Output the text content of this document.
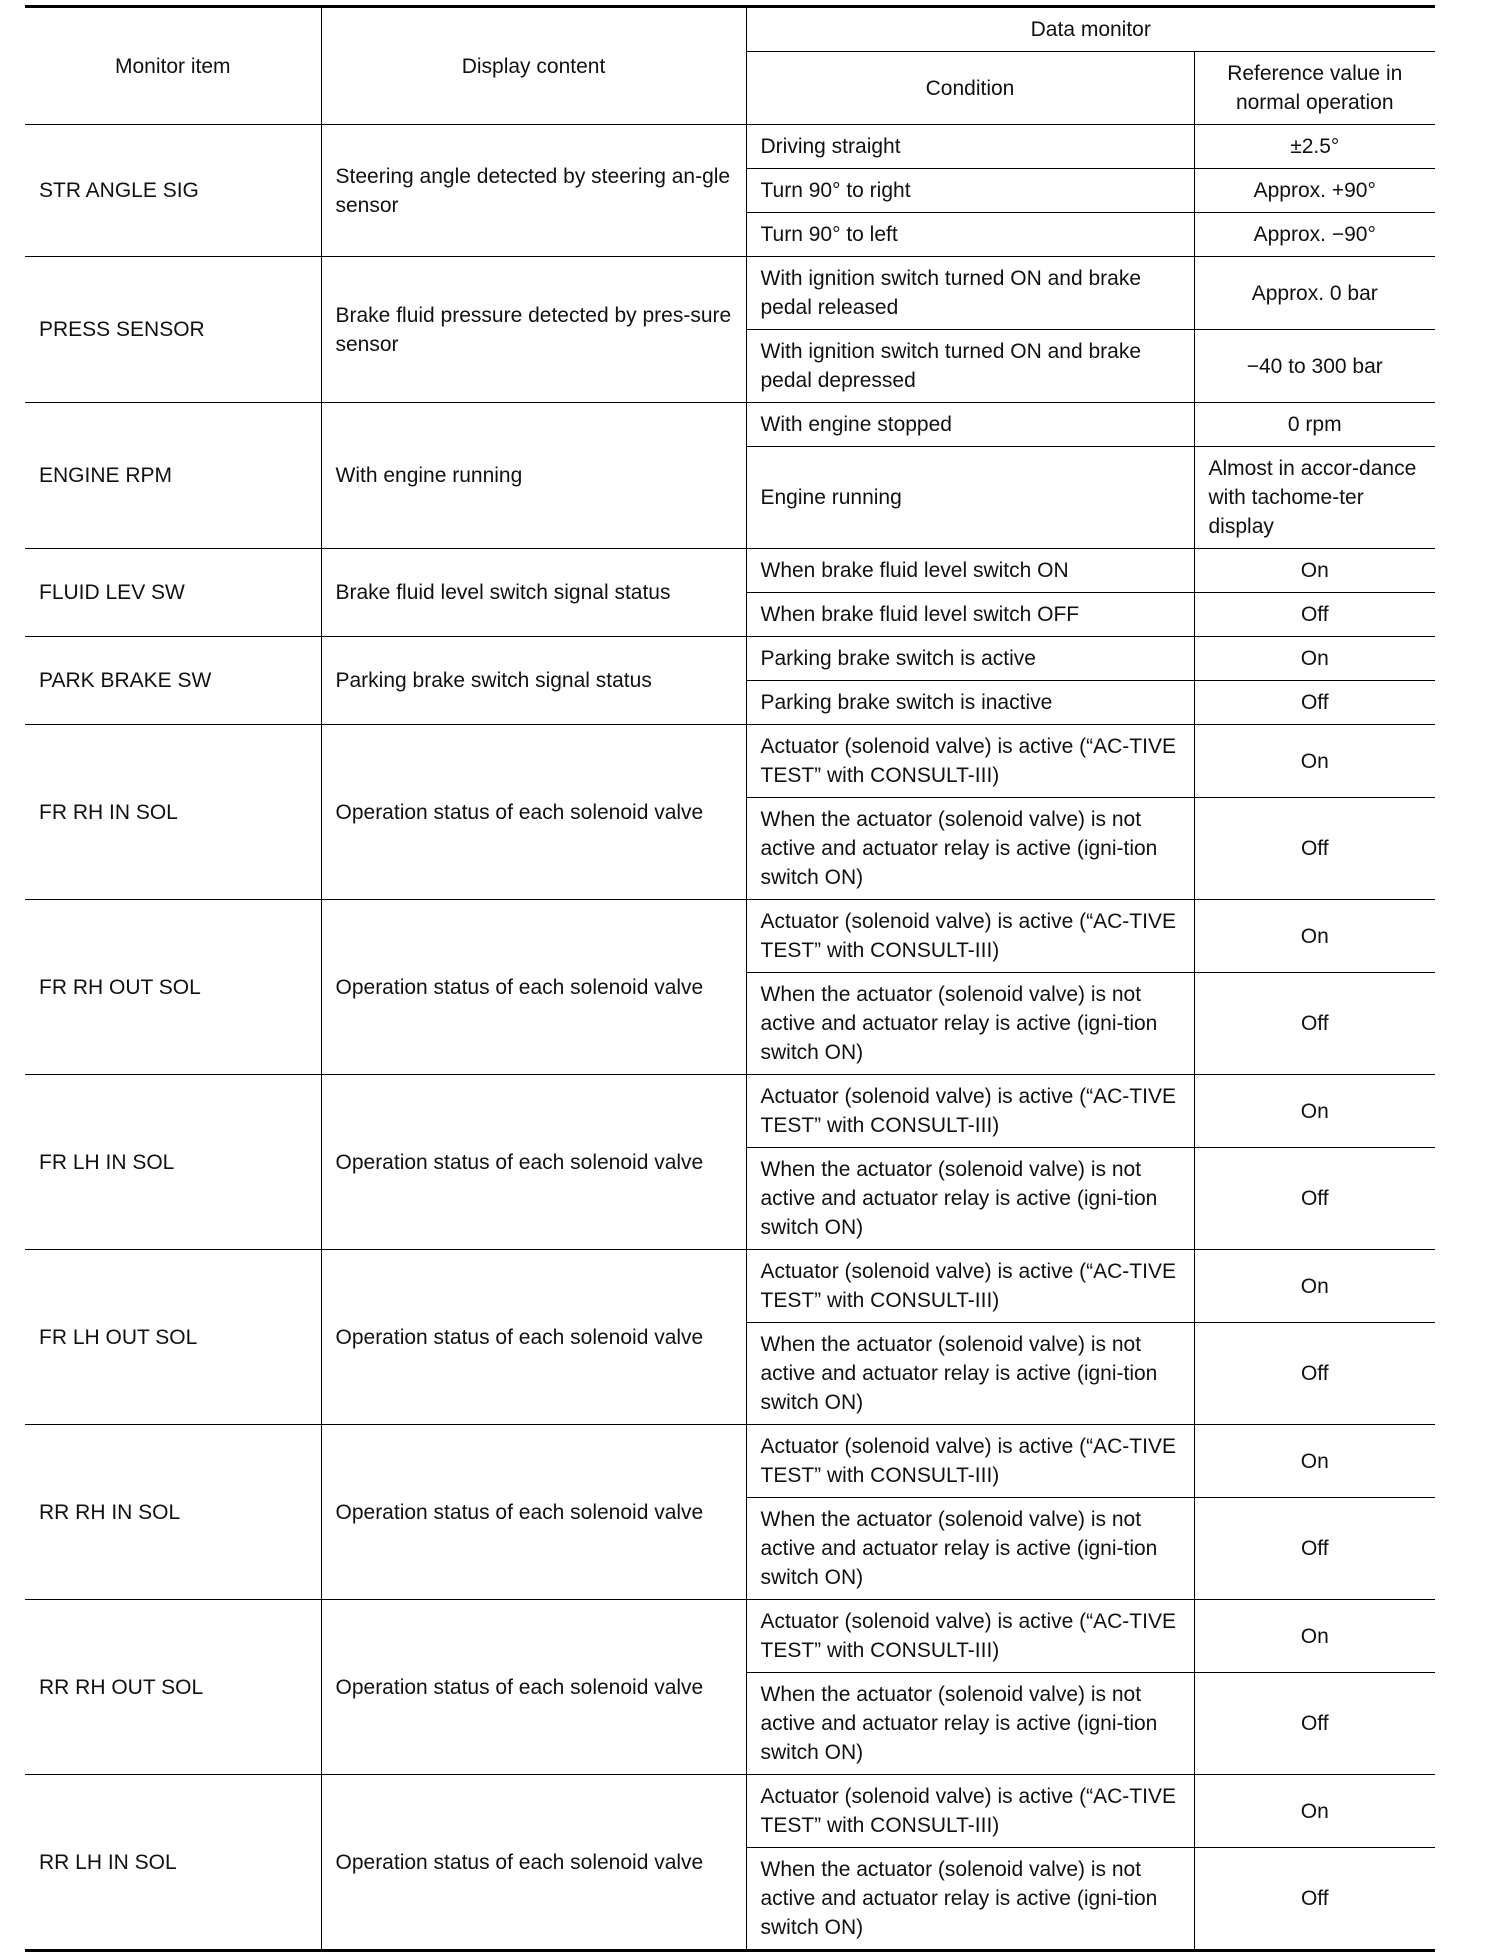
Monitor item	Display content	Data monitor	
		Condition	Reference value in normal operation
STR ANGLE SIG	Steering angle detected by steering an-gle sensor	Driving straight	±2.5°
		Turn 90° to right	Approx. +90°
		Turn 90° to left	Approx. −90°
PRESS SENSOR	Brake fluid pressure detected by pres-sure sensor	With ignition switch turned ON and brake pedal released	Approx. 0 bar
		With ignition switch turned ON and brake pedal depressed	−40 to 300 bar
ENGINE RPM	With engine running	With engine stopped	0 rpm
		Engine running	Almost in accor-dance with tachome-ter display
FLUID LEV SW	Brake fluid level switch signal status	When brake fluid level switch ON	On
		When brake fluid level switch OFF	Off
PARK BRAKE SW	Parking brake switch signal status	Parking brake switch is active	On
		Parking brake switch is inactive	Off
FR RH IN SOL	Operation status of each solenoid valve	Actuator (solenoid valve) is active (“AC-TIVE TEST” with CONSULT-III)	On
		When the actuator (solenoid valve) is not active and actuator relay is active (igni-tion switch ON)	Off
FR RH OUT SOL	Operation status of each solenoid valve	Actuator (solenoid valve) is active (“AC-TIVE TEST” with CONSULT-III)	On
		When the actuator (solenoid valve) is not active and actuator relay is active (igni-tion switch ON)	Off
FR LH IN SOL	Operation status of each solenoid valve	Actuator (solenoid valve) is active (“AC-TIVE TEST” with CONSULT-III)	On
		When the actuator (solenoid valve) is not active and actuator relay is active (igni-tion switch ON)	Off
FR LH OUT SOL	Operation status of each solenoid valve	Actuator (solenoid valve) is active (“AC-TIVE TEST” with CONSULT-III)	On
		When the actuator (solenoid valve) is not active and actuator relay is active (igni-tion switch ON)	Off
RR RH IN SOL	Operation status of each solenoid valve	Actuator (solenoid valve) is active (“AC-TIVE TEST” with CONSULT-III)	On
		When the actuator (solenoid valve) is not active and actuator relay is active (igni-tion switch ON)	Off
RR RH OUT SOL	Operation status of each solenoid valve	Actuator (solenoid valve) is active (“AC-TIVE TEST” with CONSULT-III)	On
		When the actuator (solenoid valve) is not active and actuator relay is active (igni-tion switch ON)	Off
RR LH IN SOL	Operation status of each solenoid valve	Actuator (solenoid valve) is active (“AC-TIVE TEST” with CONSULT-III)	On
		When the actuator (solenoid valve) is not active and actuator relay is active (igni-tion switch ON)	Off
